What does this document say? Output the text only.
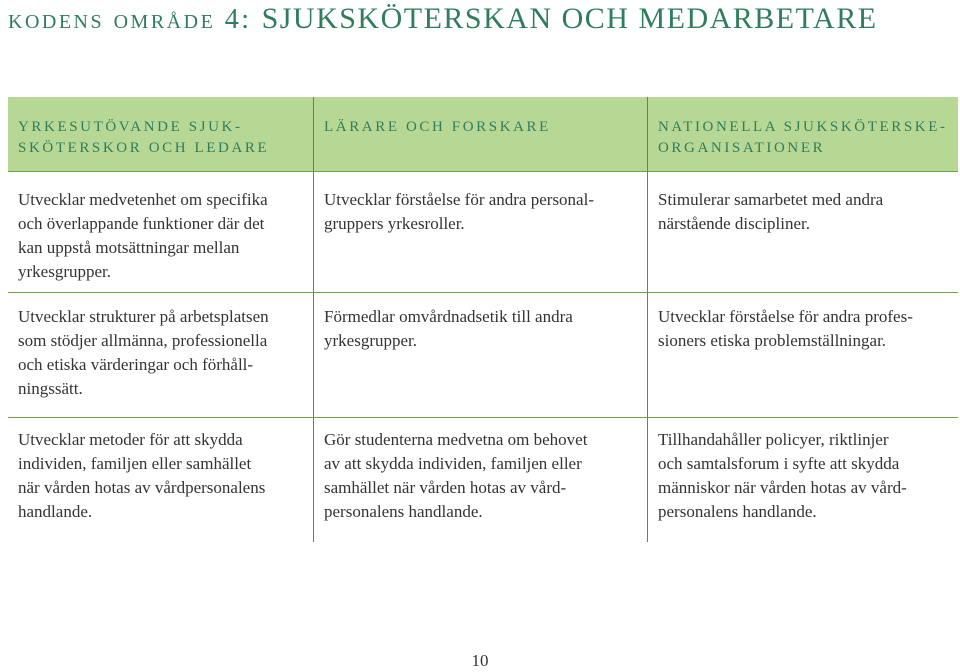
kodens område 4: SJUKSKÖTERSKAN OCH MEDARBETARE
YRKESUTÖVANDE SJUK-
SKÖTERSKOR OCH LEDARE
LÄRARE OCH FORSKARE	NATIONELLA SJUKSKÖTERSKE-
ORGANISATIONER
Utvecklar medvetenhet om specifika
och överlappande funktioner där det
kan uppstå motsättningar mellan
yrkesgrupper.
Utvecklar förståelse för andra personal-
gruppers yrkesroller.
Stimulerar samarbetet med andra
närstående discipliner.
Utvecklar strukturer på arbetsplatsen
som stödjer allmänna, professionella
och etiska värderingar och förhåll-
ningssätt.
Förmedlar omvårdnadsetik till andra
yrkesgrupper.
Utvecklar förståelse för andra profes-
sioners etiska problemställningar.
Utvecklar metoder för att skydda
individen, familjen eller samhället
när vården hotas av vårdpersonalens
handlande.
Gör studenterna medvetna om behovet
av att skydda individen, familjen eller
samhället när vården hotas av vård-
personalens handlande.
Tillhandahåller policyer, riktlinjer
och samtalsforum i syfte att skydda
människor när vården hotas av vård-
personalens handlande.
10
